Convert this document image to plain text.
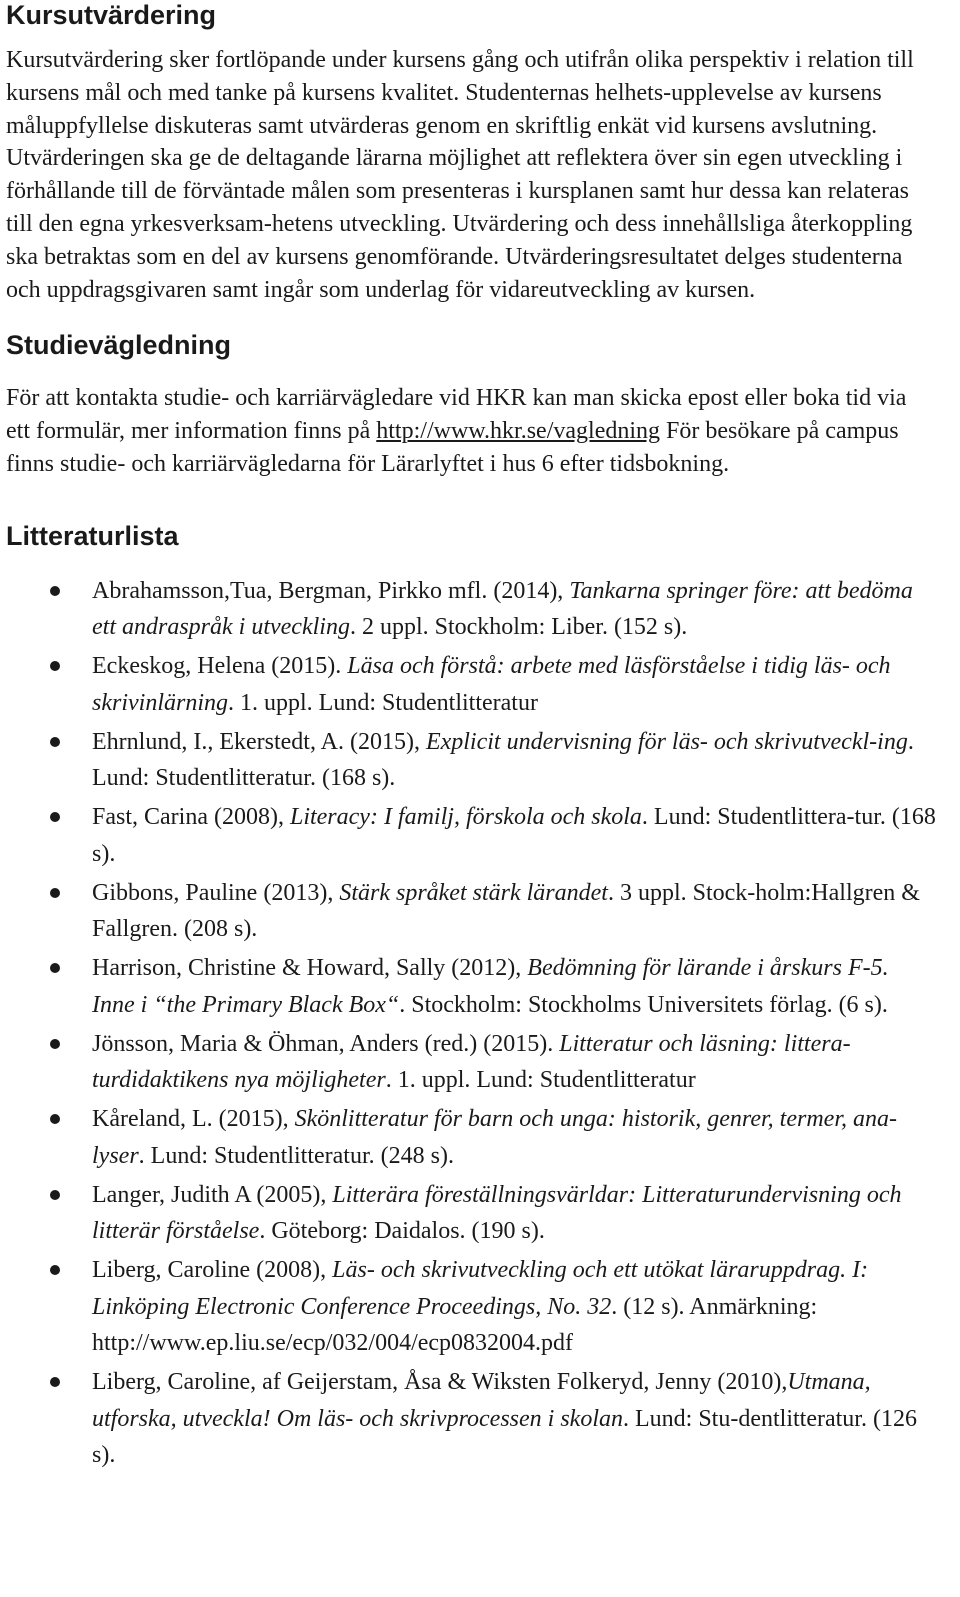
Kursutvärdering

Kursutvärdering sker fortlöpande under kursens gång och utifrån olika perspektiv i relation till kursens mål och med tanke på kursens kvalitet. Studenternas helhets-upplevelse av kursens måluppfyllelse diskuteras samt utvärderas genom en skriftlig enkät vid kursens avslutning. Utvärderingen ska ge de deltagande lärarna möjlighet att reflektera över sin egen utveckling i förhållande till de förväntade målen som presenteras i kursplanen samt hur dessa kan relateras till den egna yrkesverksam-hetens utveckling. Utvärdering och dess innehållsliga återkoppling ska betraktas som en del av kursens genomförande. Utvärderingsresultatet delges studenterna och uppdragsgivaren samt ingår som underlag för vidareutveckling av kursen.

Studievägledning

För att kontakta studie- och karriärvägledare vid HKR kan man skicka epost eller boka tid via ett formulär, mer information finns på http://www.hkr.se/vagledning För besökare på campus finns studie- och karriärvägledarna för Lärarlyftet i hus 6 efter tidsbokning.

Litteraturlista
Abrahamsson,Tua, Bergman, Pirkko mfl. (2014), Tankarna springer före: att bedöma ett andraspråk i utveckling. 2 uppl. Stockholm: Liber. (152 s).
Eckeskog, Helena (2015). Läsa och förstå: arbete med läsförståelse i tidig läs- och skrivinlärning. 1. uppl. Lund: Studentlitteratur
Ehrnlund, I., Ekerstedt, A. (2015), Explicit undervisning för läs- och skrivutveckl-ing. Lund: Studentlitteratur. (168 s).
Fast, Carina (2008), Literacy: I familj, förskola och skola. Lund: Studentlittera-tur. (168 s).
Gibbons, Pauline (2013), Stärk språket stärk lärandet. 3 uppl. Stock-holm:Hallgren & Fallgren. (208 s).
Harrison, Christine & Howard, Sally (2012), Bedömning för lärande i årskurs F-5. Inne i “the Primary Black Box“. Stockholm: Stockholms Universitets förlag. (6 s).
Jönsson, Maria & Öhman, Anders (red.) (2015). Litteratur och läsning: littera-turdidaktikens nya möjligheter. 1. uppl. Lund: Studentlitteratur
Kåreland, L. (2015), Skönlitteratur för barn och unga: historik, genrer, termer, ana-lyser. Lund: Studentlitteratur. (248 s).
Langer, Judith A (2005), Litterära föreställningsvärldar: Litteraturundervisning och litterär förståelse. Göteborg: Daidalos. (190 s).
Liberg, Caroline (2008), Läs- och skrivutveckling och ett utökat läraruppdrag. I: Linköping Electronic Conference Proceedings, No. 32. (12 s). Anmärkning: http://www.ep.liu.se/ecp/032/004/ecp0832004.pdf
Liberg, Caroline, af Geijerstam, Åsa & Wiksten Folkeryd, Jenny (2010),Utmana, utforska, utveckla! Om läs- och skrivprocessen i skolan. Lund: Stu-dentlitteratur. (126 s).
